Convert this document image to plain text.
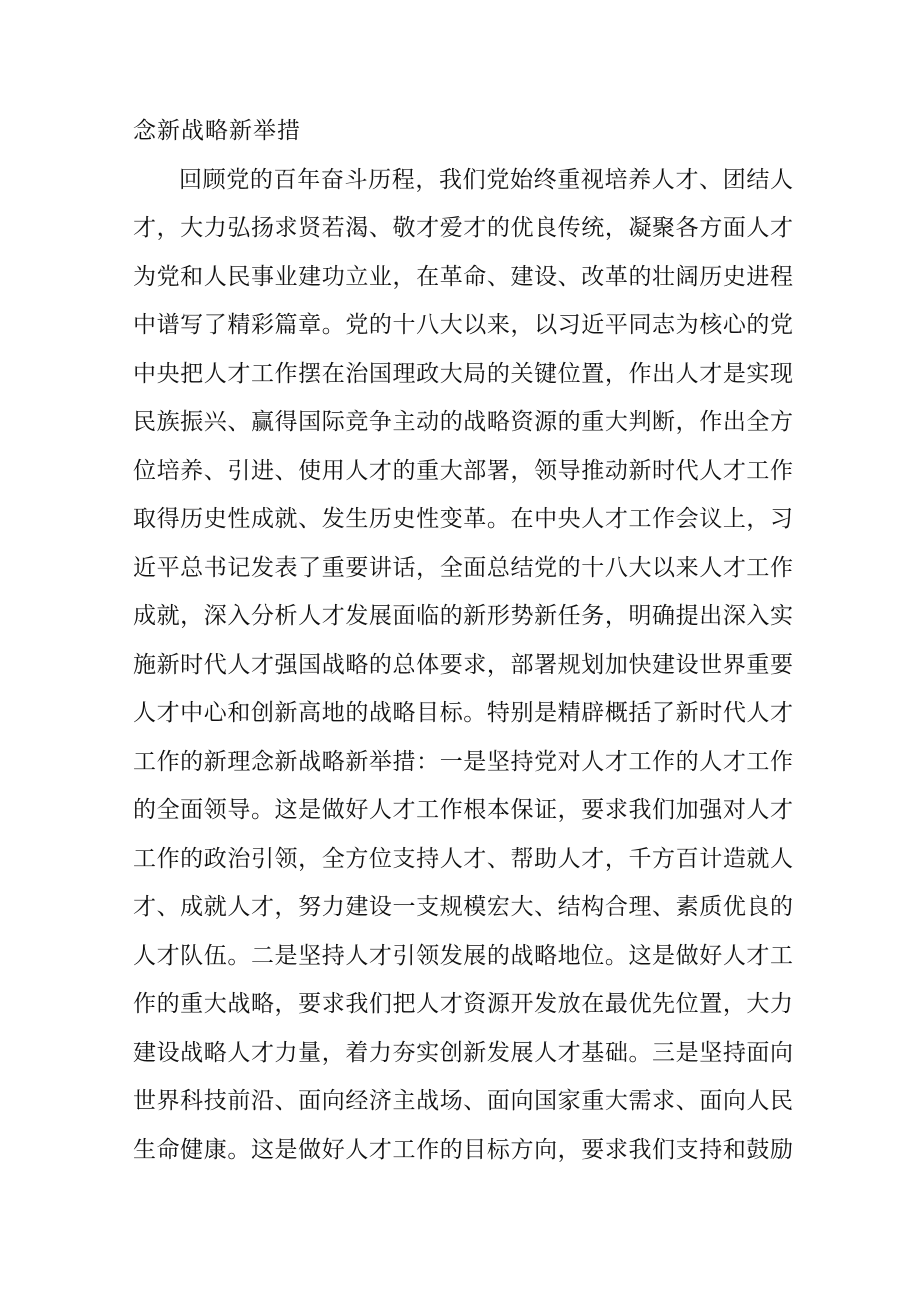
念新战略新举措
回顾党的百年奋斗历程，我们党始终重视培养人才、团结人
才，大力弘扬求贤若渴、敬才爱才的优良传统，凝聚各方面人才
为党和人民事业建功立业，在革命、建设、改革的壮阔历史进程
中谱写了精彩篇章。党的十八大以来，以习近平同志为核心的党
中央把人才工作摆在治国理政大局的关键位置，作出人才是实现
民族振兴、赢得国际竞争主动的战略资源的重大判断，作出全方
位培养、引进、使用人才的重大部署，领导推动新时代人才工作
取得历史性成就、发生历史性变革。在中央人才工作会议上，习
近平总书记发表了重要讲话，全面总结党的十八大以来人才工作
成就，深入分析人才发展面临的新形势新任务，明确提出深入实
施新时代人才强国战略的总体要求，部署规划加快建设世界重要
人才中心和创新高地的战略目标。特别是精辟概括了新时代人才
工作的新理念新战略新举措：一是坚持党对人才工作的人才工作
的全面领导。这是做好人才工作根本保证，要求我们加强对人才
工作的政治引领，全方位支持人才、帮助人才，千方百计造就人
才、成就人才，努力建设一支规模宏大、结构合理、素质优良的
人才队伍。二是坚持人才引领发展的战略地位。这是做好人才工
作的重大战略，要求我们把人才资源开发放在最优先位置，大力
建设战略人才力量，着力夯实创新发展人才基础。三是坚持面向
世界科技前沿、面向经济主战场、面向国家重大需求、面向人民
生命健康。这是做好人才工作的目标方向，要求我们支持和鼓励
